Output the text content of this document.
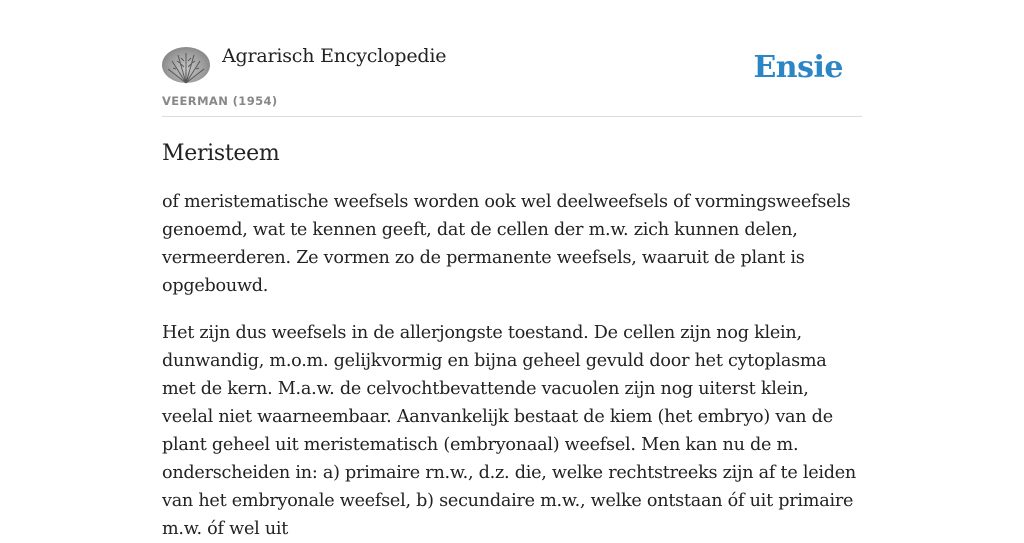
Agrarisch Encyclopedie
VEERMAN (1954)
Ensie
Meristeem

of meristematische weefsels worden ook wel deelweefsels of vormingsweefsels genoemd, wat te kennen geeft, dat de cellen der m.w. zich kunnen delen, vermeerderen. Ze vormen zo de permanente weefsels, waaruit de plant is opgebouwd.

Het zijn dus weefsels in de allerjongste toestand. De cellen zijn nog klein, dunwandig, m.o.m. gelijkvormig en bijna geheel gevuld door het cytoplasma met de kern. M.a.w. de celvochtbevattende vacuolen zijn nog uiterst klein, veelal niet waarneembaar. Aanvankelijk bestaat de kiem (het embryo) van de plant geheel uit meristematisch (embryonaal) weefsel. Men kan nu de m. onderscheiden in: a) primaire rn.w., d.z. die, welke rechtstreeks zijn af te leiden van het embryonale weefsel, b) secundaire m.w., welke ontstaan óf uit primaire m.w. óf wel uit
